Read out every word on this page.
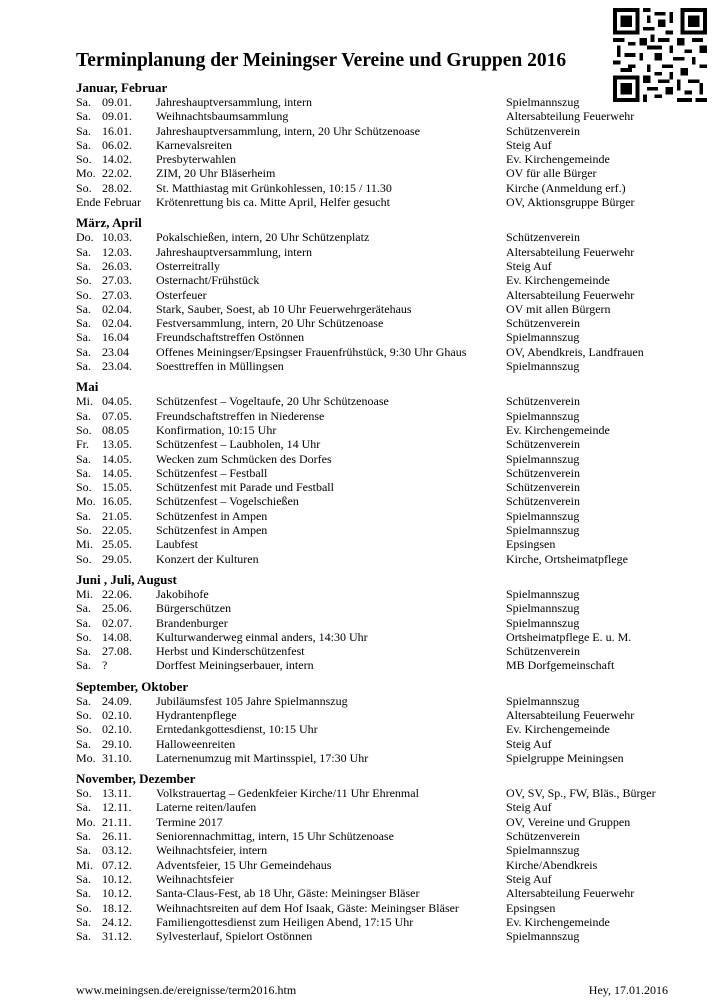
Terminplanung der Meiningser Vereine und Gruppen 2016
Januar, Februar
Sa. 09.01. Jahreshauptversammlung, intern	Spielmannszug
Sa. 09.01. Weihnachtsbaumsammlung	Altersabteilung Feuerwehr
Sa. 16.01. Jahreshauptversammlung, intern, 20 Uhr Schützenoase	Schützenverein
Sa. 06.02. Karnevalsreiten	Steig Auf
So. 14.02. Presbyterwahlen	Ev. Kirchengemeinde
Mo. 22.02. ZIM, 20 Uhr Bläserheim	OV für alle Bürger
So. 28.02. St. Matthiastag mit Grünkohlessen, 10:15 / 11.30	Kirche (Anmeldung erf.)
Ende Februar Krötenrettung bis ca. Mitte April, Helfer gesucht	OV, Aktionsgruppe Bürger
März, April
Do. 10.03. Pokalschießen, intern, 20 Uhr Schützenplatz	Schützenverein
Sa. 12.03. Jahreshauptversammlung, intern	Altersabteilung Feuerwehr
Sa. 26.03. Osterreitrally	Steig Auf
So. 27.03. Osternacht/Frühstück	Ev. Kirchengemeinde
So. 27.03. Osterfeuer	Altersabteilung Feuerwehr
Sa. 02.04. Stark, Sauber, Soest, ab 10 Uhr Feuerwehrgerätehaus	OV mit allen Bürgern
Sa. 02.04. Festversammlung, intern, 20 Uhr Schützenoase	Schützenverein
Sa. 16.04 Freundschaftstreffen Ostönnen	Spielmannszug
Sa. 23.04 Offenes Meiningser/Epsingser Frauenfrühstück, 9:30 Uhr Ghaus	OV, Abendkreis, Landfrauen
Sa. 23.04. Soesttreffen in Müllingsen	Spielmannszug
Mai
Mi. 04.05. Schützenfest – Vogeltaufe, 20 Uhr Schützenoase	Schützenverein
Sa. 07.05. Freundschaftstreffen in Niederense	Spielmannszug
So. 08.05 Konfirmation, 10:15 Uhr	Ev. Kirchengemeinde
Fr. 13.05. Schützenfest – Laubholen, 14 Uhr	Schützenverein
Sa. 14.05. Wecken zum Schmücken des Dorfes	Spielmannszug
Sa. 14.05. Schützenfest – Festball	Schützenverein
So. 15.05. Schützenfest mit Parade und Festball	Schützenverein
Mo. 16.05. Schützenfest – Vogelschießen	Schützenverein
Sa. 21.05. Schützenfest in Ampen	Spielmannszug
So. 22.05. Schützenfest in Ampen	Spielmannszug
Mi. 25.05. Laubfest	Epsingsen
So. 29.05. Konzert der Kulturen	Kirche, Ortsheimatpflege
Juni , Juli, August
Mi. 22.06. Jakobihofe	Spielmannszug
Sa. 25.06. Bürgerschützen	Spielmannszug
Sa. 02.07. Brandenburger	Spielmannszug
So. 14.08. Kulturwanderweg einmal anders, 14:30 Uhr	Ortsheimatpflege E. u. M.
Sa. 27.08. Herbst und Kinderschützenfest	Schützenverein
Sa. ?	Dorffest Meiningserbauer, intern	MB Dorfgemeinschaft
September, Oktober
Sa. 24.09. Jubiläumsfest 105 Jahre Spielmannszug	Spielmannszug
So. 02.10. Hydrantenpflege	Altersabteilung Feuerwehr
So. 02.10. Erntedankgottesdienst, 10:15 Uhr	Ev. Kirchengemeinde
Sa. 29.10. Halloweenreiten	Steig Auf
Mo. 31.10. Laternenumzug mit Martinsspiel, 17:30 Uhr	Spielgruppe Meiningsen
November, Dezember
So. 13.11. Volkstrauertag – Gedenkfeier Kirche/11 Uhr Ehrenmal	OV, SV, Sp., FW, Bläs., Bürger
Sa. 12.11. Laterne reiten/laufen	Steig Auf
Mo. 21.11. Termine 2017	OV, Vereine und Gruppen
Sa. 26.11. Seniorennachmittag, intern, 15 Uhr Schützenoase	Schützenverein
Sa. 03.12. Weihnachtsfeier, intern	Spielmannszug
Mi. 07.12. Adventsfeier, 15 Uhr Gemeindehaus	Kirche/Abendkreis
Sa. 10.12. Weihnachtsfeier	Steig Auf
Sa. 10.12. Santa-Claus-Fest, ab 18 Uhr, Gäste: Meiningser Bläser	Altersabteilung Feuerwehr
So. 18.12. Weihnachtsreiten auf dem Hof Isaak, Gäste: Meiningser Bläser	Epsingsen
Sa. 24.12. Familiengottesdienst zum Heiligen Abend, 17:15 Uhr	Ev. Kirchengemeinde
Sa. 31.12. Sylvesterlauf, Spielort Ostönnen	Spielmannszug
www.meiningsen.de/ereignisse/term2016.htm	Hey, 17.01.2016
